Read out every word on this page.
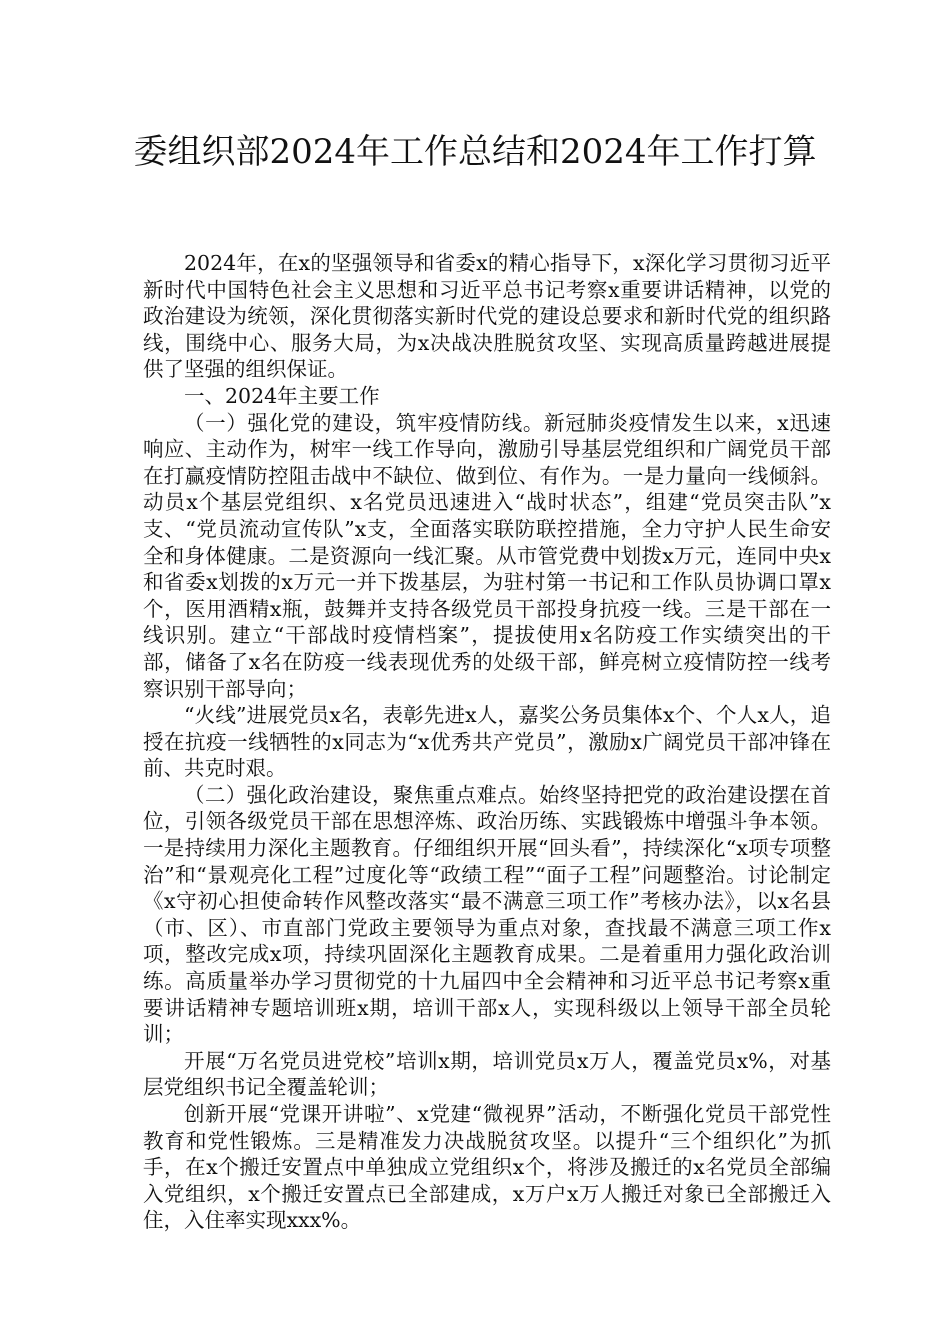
委组织部2024年工作总结和2024年工作打算

2024年，在x的坚强领导和省委x的精心指导下，x深化学习贯彻习近平新时代中国特色社会主义思想和习近平总书记考察x重要讲话精神，以党的政治建设为统领，深化贯彻落实新时代党的建设总要求和新时代党的组织路线，围绕中心、服务大局，为x决战决胜脱贫攻坚、实现高质量跨越进展提供了坚强的组织保证。

一、2024年主要工作

（一）强化党的建设，筑牢疫情防线。新冠肺炎疫情发生以来，x迅速响应、主动作为，树牢一线工作导向，激励引导基层党组织和广阔党员干部在打赢疫情防控阻击战中不缺位、做到位、有作为。一是力量向一线倾斜。动员x个基层党组织、x名党员迅速进入“战时状态”，组建“党员突击队”x支、“党员流动宣传队”x支，全面落实联防联控措施，全力守护人民生命安全和身体健康。二是资源向一线汇聚。从市管党费中划拨x万元，连同中央x和省委x划拨的x万元一并下拨基层，为驻村第一书记和工作队员协调口罩x个，医用酒精x瓶，鼓舞并支持各级党员干部投身抗疫一线。三是干部在一线识别。建立“干部战时疫情档案”，提拔使用x名防疫工作实绩突出的干部，储备了x名在防疫一线表现优秀的处级干部，鲜亮树立疫情防控一线考察识别干部导向；

“火线”进展党员x名，表彰先进x人，嘉奖公务员集体x个、个人x人，追授在抗疫一线牺牲的x同志为“x优秀共产党员”，激励x广阔党员干部冲锋在前、共克时艰。

（二）强化政治建设，聚焦重点难点。始终坚持把党的政治建设摆在首位，引领各级党员干部在思想淬炼、政治历练、实践锻炼中增强斗争本领。一是持续用力深化主题教育。仔细组织开展“回头看”，持续深化“x项专项整治”和“景观亮化工程”过度化等“政绩工程”“面子工程”问题整治。讨论制定《x守初心担使命转作风整改落实“最不满意三项工作”考核办法》，以x名县（市、区）、市直部门党政主要领导为重点对象，查找最不满意三项工作x项，整改完成x项，持续巩固深化主题教育成果。二是着重用力强化政治训练。高质量举办学习贯彻党的十九届四中全会精神和习近平总书记考察x重要讲话精神专题培训班x期，培训干部x人，实现科级以上领导干部全员轮训；

开展“万名党员进党校”培训x期，培训党员x万人，覆盖党员x%，对基层党组织书记全覆盖轮训；

创新开展“党课开讲啦”、x党建“微视界”活动，不断强化党员干部党性教育和党性锻炼。三是精准发力决战脱贫攻坚。以提升“三个组织化”为抓手，在x个搬迁安置点中单独成立党组织x个，将涉及搬迁的x名党员全部编入党组织，x个搬迁安置点已全部建成，x万户x万人搬迁对象已全部搬迁入住，入住率实现xxx%。
